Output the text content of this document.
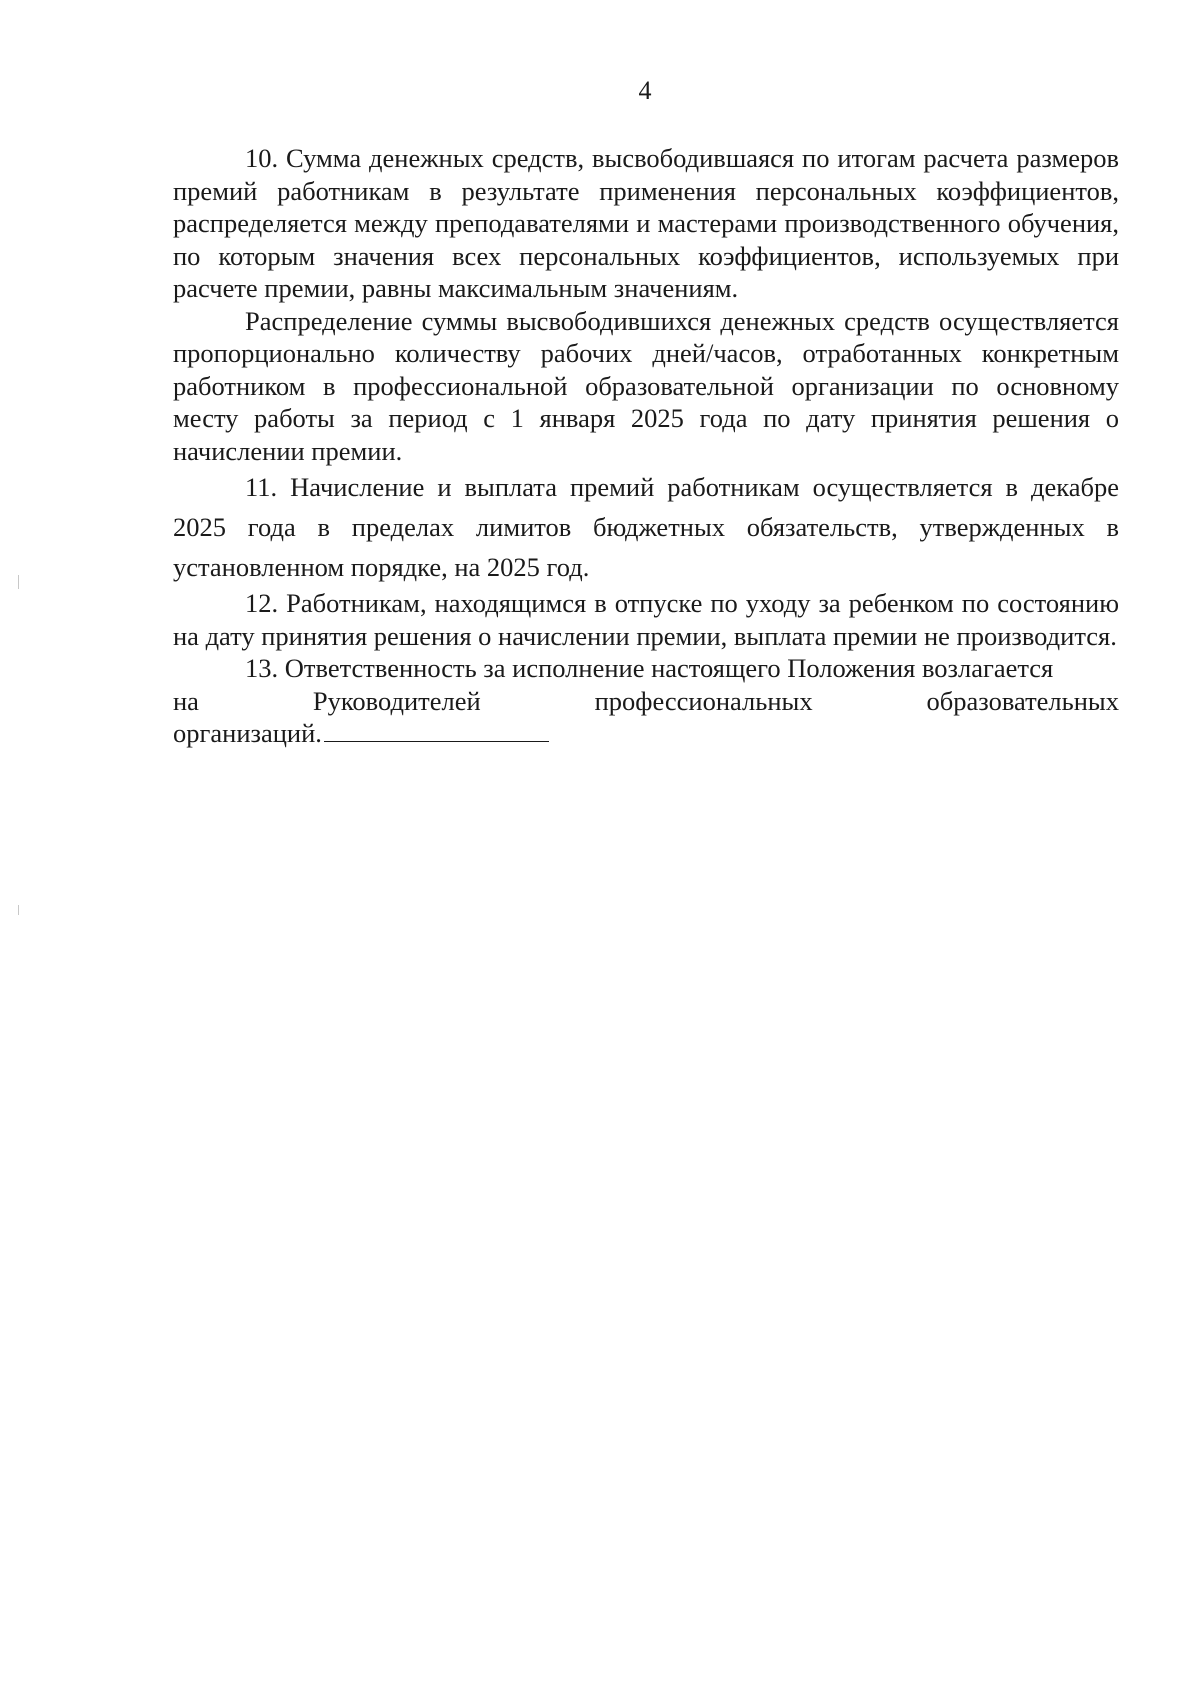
4

10. Сумма денежных средств, высвободившаяся по итогам расчета размеров премий работникам в результате применения персональных коэффициентов, распределяется между преподавателями и мастерами производственного обучения, по которым значения всех персональных коэффициентов, используемых при расчете премии, равны максимальным значениям.

Распределение суммы высвободившихся денежных средств осуществляется пропорционально количеству рабочих дней/часов, отработанных конкретным работником в профессиональной образовательной организации по основному месту работы за период с 1 января 2025 года по дату принятия решения о начислении премии.

11. Начисление и выплата премий работникам осуществляется в декабре 2025 года в пределах лимитов бюджетных обязательств, утвержденных в установленном порядке, на 2025 год.

12. Работникам, находящимся в отпуске по уходу за ребенком по состоянию на дату принятия решения о начислении премии, выплата премии не производится.

13. Ответственность за исполнение настоящего Положения возлагается

на	Руководителей	профессиональных	образовательных
организаций.
